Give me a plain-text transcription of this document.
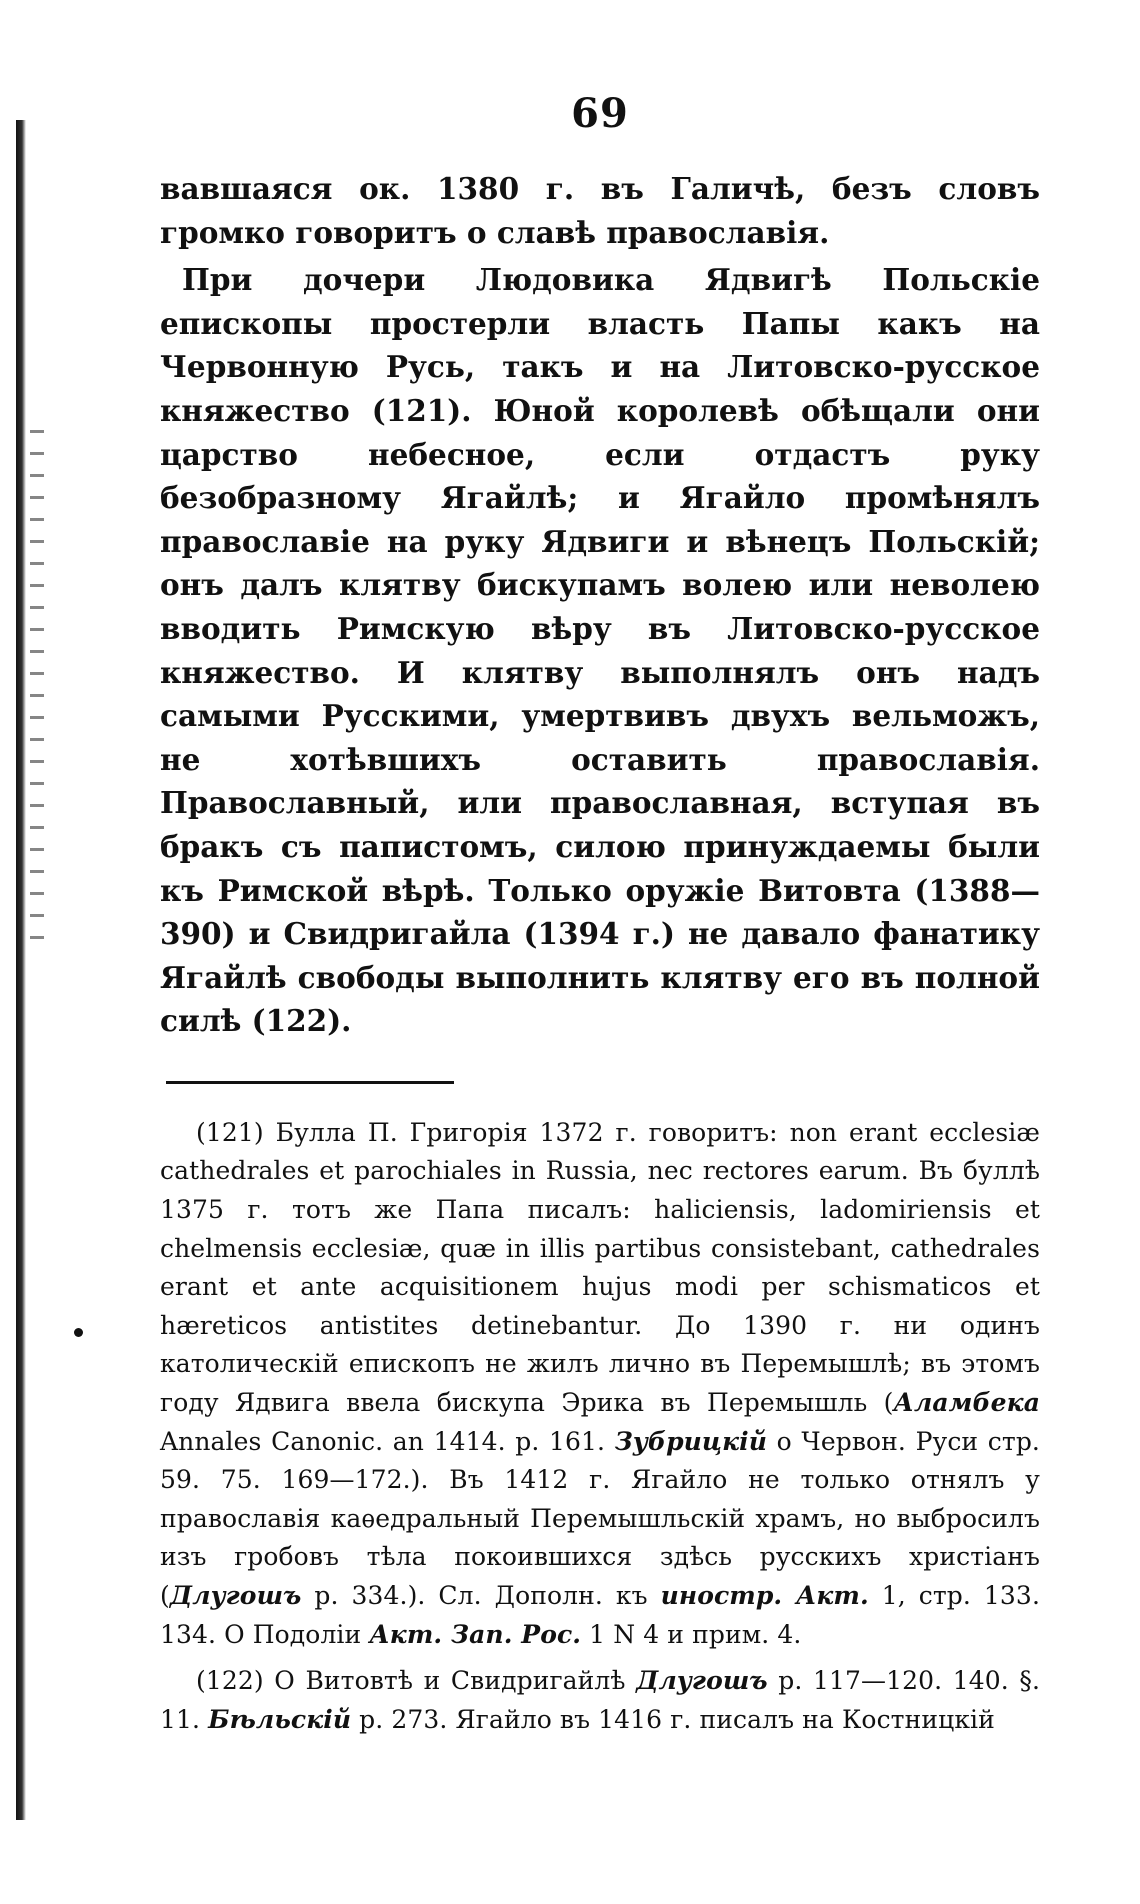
69

вавшаяся ок. 1380 г. въ Галичѣ, безъ словъ громко говоритъ о славѣ православія.

При дочери Людовика Ядвигѣ Польскіе епископы простерли власть Папы какъ на Червонную Русь, такъ и на Литовско-русское княжество (121). Юной королевѣ обѣщали они царство небесное, если отдастъ руку безобразному Ягайлѣ; и Ягайло промѣнялъ православіе на руку Ядвиги и вѣнецъ Польскій; онъ далъ клятву бискупамъ волею или неволею вводить Римскую вѣру въ Литовско-русское княжество. И клятву выполнялъ онъ надъ самыми Русскими, умертвивъ двухъ вельможъ, не хотѣвшихъ оставить православія. Православный, или православная, вступая въ бракъ съ папистомъ, силою принуждаемы были къ Римской вѣрѣ. Только оружіе Витовта (1388—390) и Свидригайла (1394 г.) не давало фанатику Ягайлѣ свободы выполнить клятву его въ полной силѣ (122).

(121) Булла П. Григорія 1372 г. говоритъ: non erant ecclesiæ cathedrales et parochiales in Russia, nec rectores earum. Въ буллѣ 1375 г. тотъ же Папа писалъ: haliciensis, ladomiriensis et chelmensis ecclesiæ, quæ in illis partibus consistebant, cathedrales erant et ante acquisitionem hujus modi per schismaticos et hæreticos antistites detinebantur. До 1390 г. ни одинъ католическій епископъ не жилъ лично въ Перемышлѣ; въ этомъ году Ядвига ввела бискупа Эрика въ Перемышль (Аламбека Annales Canonic. an 1414. p. 161. Зубрицкій о Червон. Руси стр. 59. 75. 169—172.). Въ 1412 г. Ягайло не только отнялъ у православія каѳедральный Перемышльскій храмъ, но выбросилъ изъ гробовъ тѣла покоившихся здѣсь русскихъ христіанъ (Длугошъ р. 334.). Сл. Дополн. къ иностр. Акт. 1, стр. 133. 134. О Подоліи Акт. Зап. Рос. 1 N 4 и прим. 4.

(122) О Витовтѣ и Свидригайлѣ Длугошъ р. 117—120. 140. §. 11. Бѣльскій р. 273. Ягайло въ 1416 г. писалъ на Костницкій
